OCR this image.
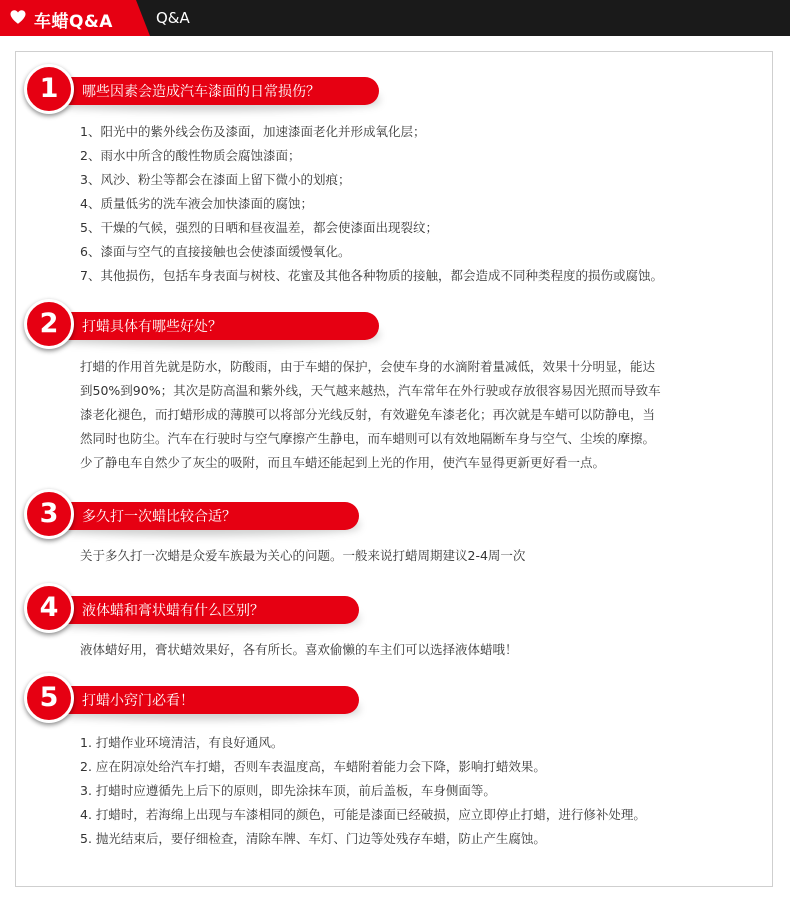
车蜡Q&A	Q&A
1	哪些因素会造成汽车漆面的日常损伤？
1、阳光中的紫外线会伤及漆面，加速漆面老化并形成氧化层；
2、雨水中所含的酸性物质会腐蚀漆面；
3、风沙、粉尘等都会在漆面上留下微小的划痕；
4、质量低劣的洗车液会加快漆面的腐蚀；
5、干燥的气候，强烈的日晒和昼夜温差，都会使漆面出现裂纹；
6、漆面与空气的直接接触也会使漆面缓慢氧化。
7、其他损伤，包括车身表面与树枝、花蜜及其他各种物质的接触，都会造成不同种类程度的损伤或腐蚀。
2	打蜡具体有哪些好处？
打蜡的作用首先就是防水，防酸雨，由于车蜡的保护，会使车身的水滴附着量减低，效果十分明显，能达
到50%到90%；其次是防高温和紫外线，天气越来越热，汽车常年在外行驶或存放很容易因光照而导致车
漆老化褪色，而打蜡形成的薄膜可以将部分光线反射，有效避免车漆老化；再次就是车蜡可以防静电，当
然同时也防尘。汽车在行驶时与空气摩擦产生静电，而车蜡则可以有效地隔断车身与空气、尘埃的摩擦。
少了静电车自然少了灰尘的吸附，而且车蜡还能起到上光的作用，使汽车显得更新更好看一点。
3	多久打一次蜡比较合适？
关于多久打一次蜡是众爱车族最为关心的问题。一般来说打蜡周期建议2-4周一次
4	液体蜡和膏状蜡有什么区别？
液体蜡好用，膏状蜡效果好，各有所长。喜欢偷懒的车主们可以选择液体蜡哦！
5	打蜡小窍门必看！
1. 打蜡作业环境清洁，有良好通风。
2. 应在阴凉处给汽车打蜡，否则车表温度高，车蜡附着能力会下降，影响打蜡效果。
3. 打蜡时应遵循先上后下的原则，即先涂抹车顶，前后盖板，车身侧面等。
4. 打蜡时，若海绵上出现与车漆相同的颜色，可能是漆面已经破损，应立即停止打蜡，进行修补处理。
5. 抛光结束后，要仔细检查，清除车牌、车灯、门边等处残存车蜡，防止产生腐蚀。
